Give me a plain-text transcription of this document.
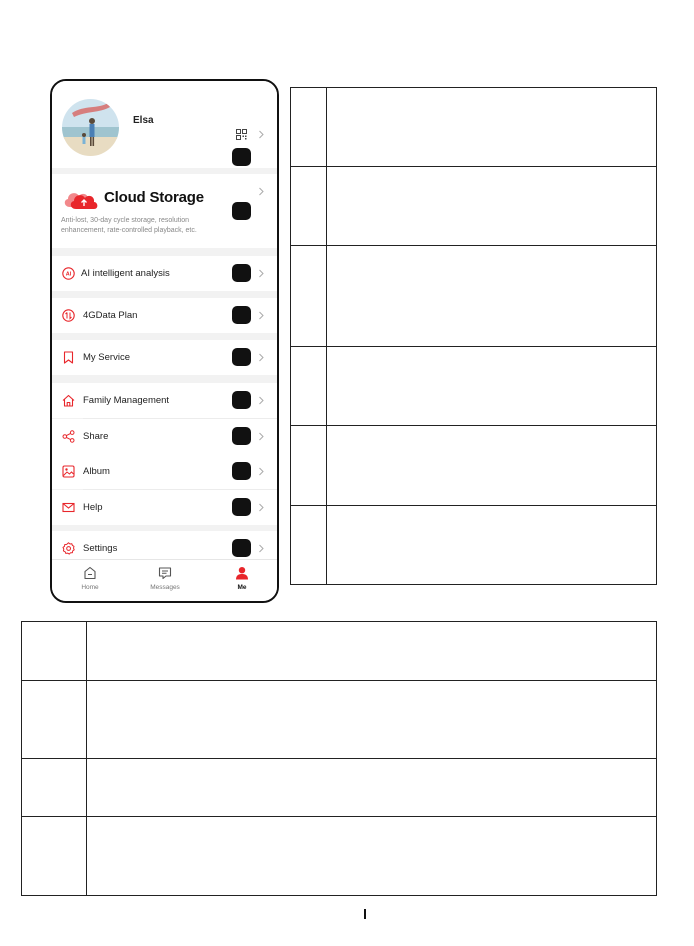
Elsa
Cloud Storage
Anti-lost, 30-day cycle storage, resolution enhancement, rate-controlled playback, etc.
AI AI intelligent analysis
4GData Plan
My Service
Family Management
Share
Album
Help
Settings
Home	Messages	Me
